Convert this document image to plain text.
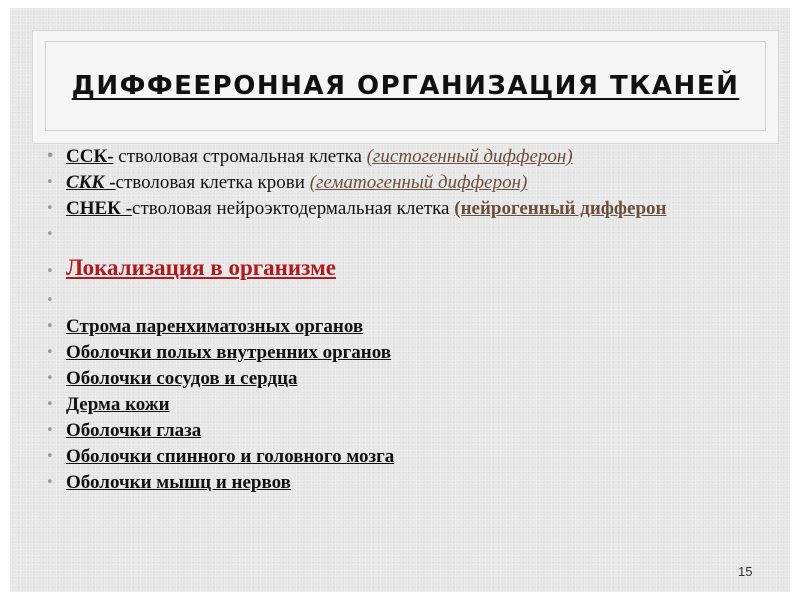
ДИФФЕЕРОННАЯ ОРГАНИЗАЦИЯ ТКАНЕЙ
• ССК- стволовая стромальная клетка (гистогенный дифферон)
• СКК -стволовая клетка крови (гематогенный дифферон)
• СНЕК -стволовая нейроэктодермальная клетка (нейрогенный дифферон
•
• Локализация в организме
•
• Строма паренхиматозных органов
• Оболочки полых внутренних органов
• Оболочки сосудов и сердца
• Дерма кожи
• Оболочки глаза
• Оболочки спинного и головного мозга
• Оболочки мышц и нервов
15
